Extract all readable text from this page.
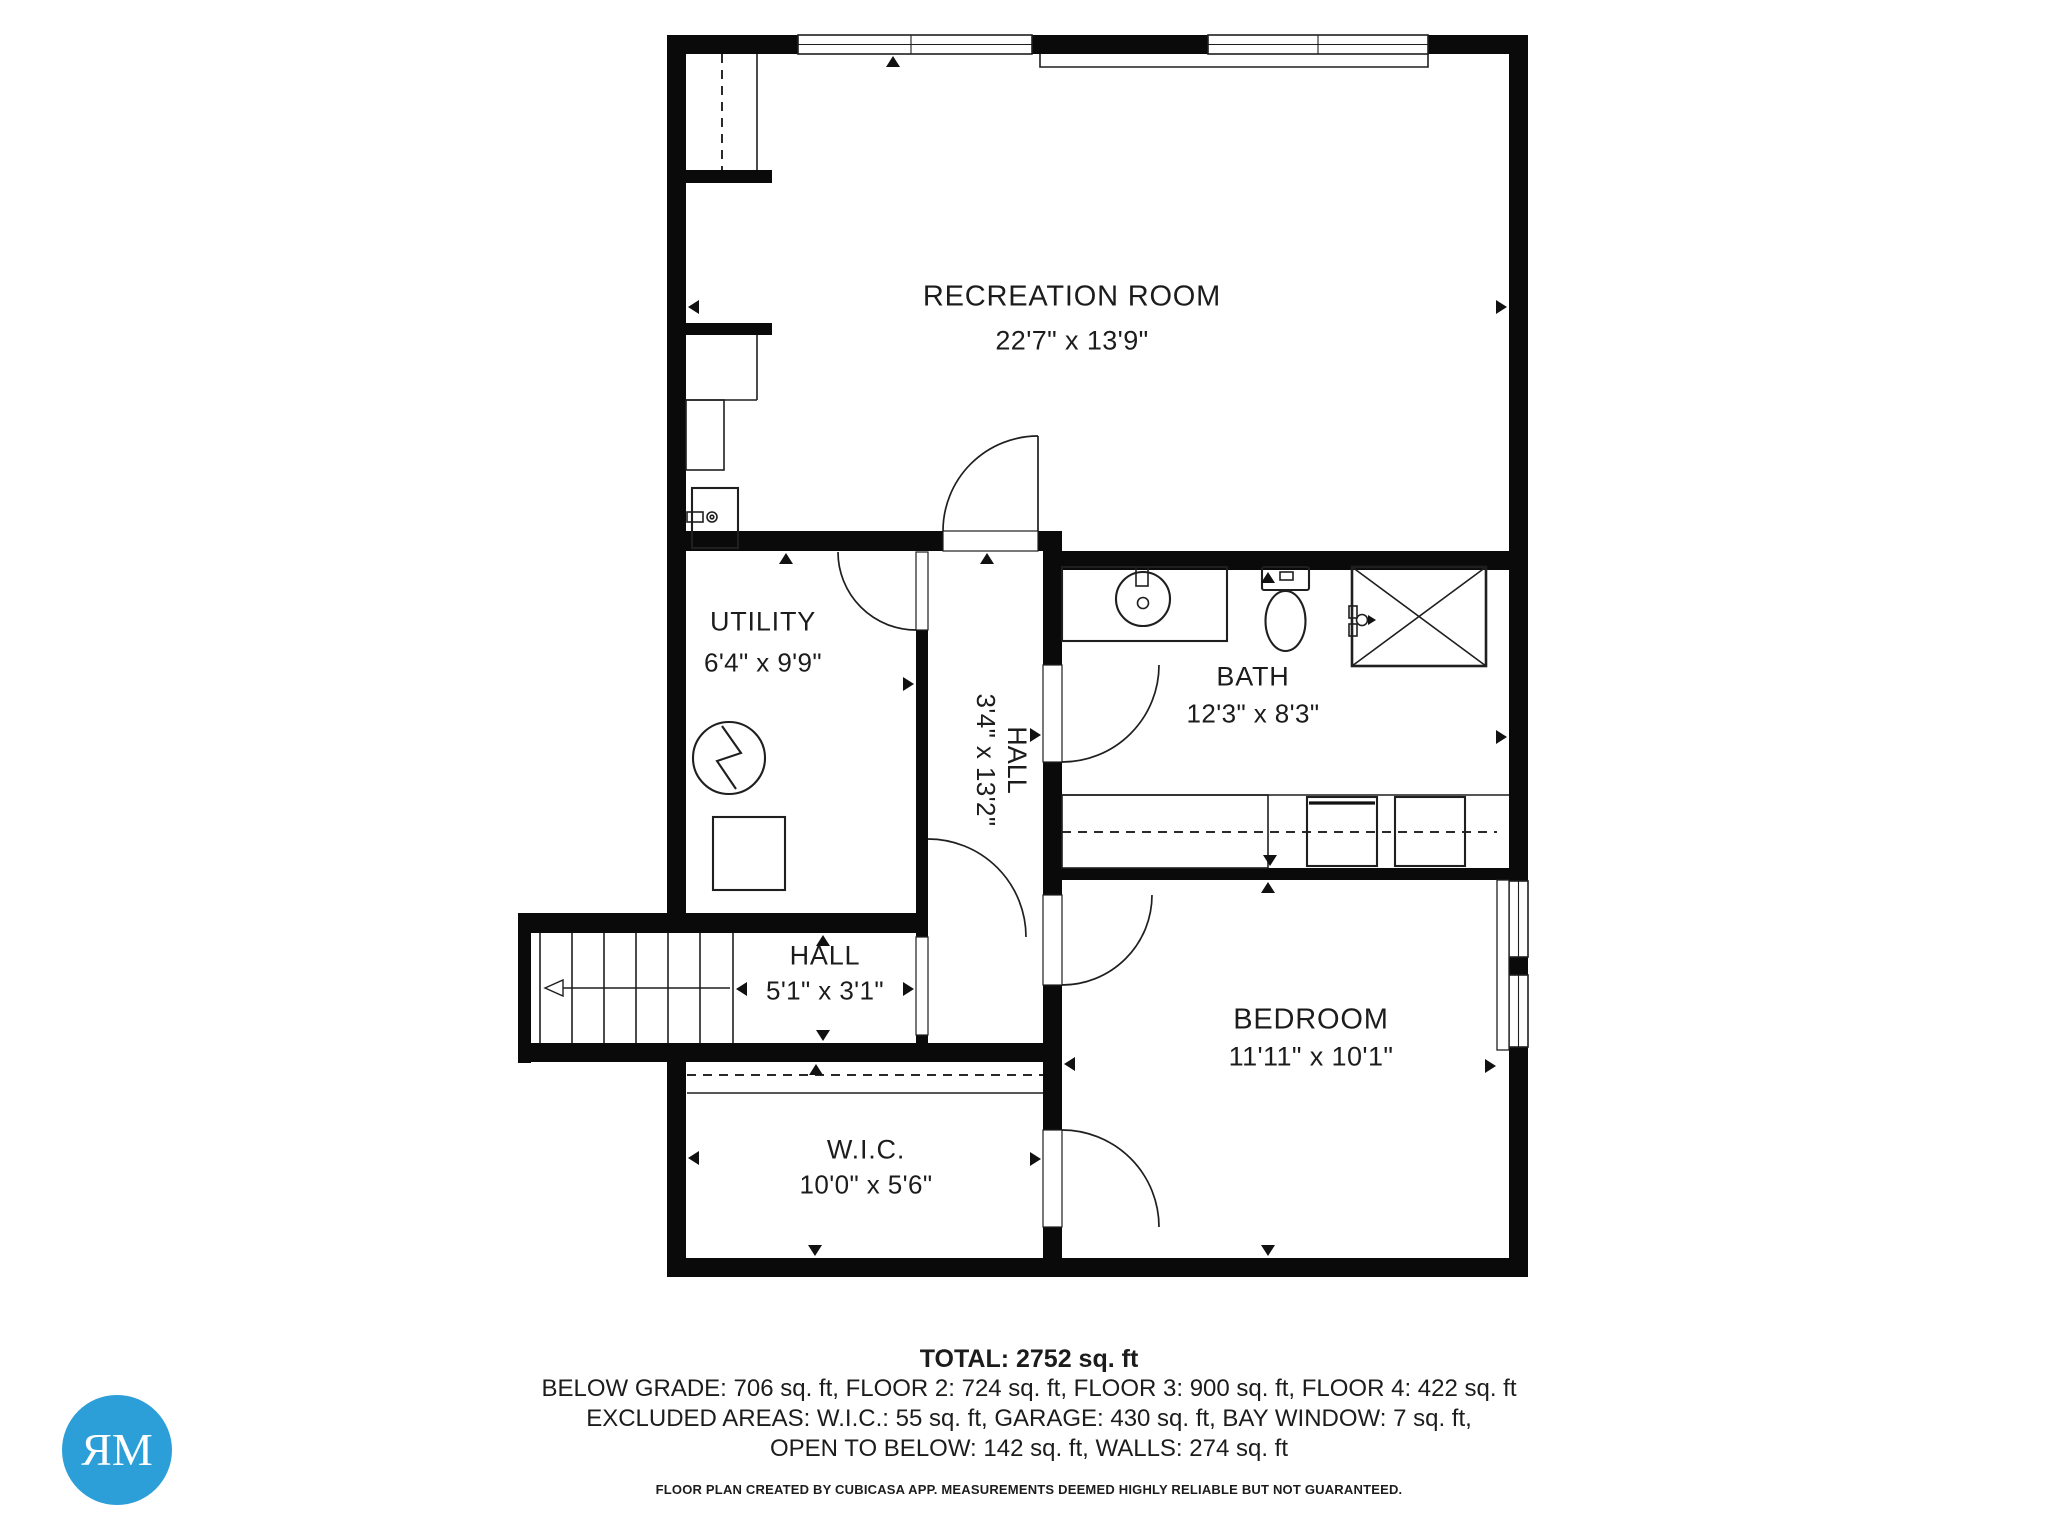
RECREATION ROOM
22'7" x 13'9"
UTILITY
6'4" x 9'9"
HALL
3'4" x 13'2"
BATH
12'3" x 8'3"
HALL
5'1" x 3'1"
BEDROOM
11'11" x 10'1"
W.I.C.
10'0" x 5'6"
TOTAL: 2752 sq. ft
BELOW GRADE: 706 sq. ft, FLOOR 2: 724 sq. ft, FLOOR 3: 900 sq. ft, FLOOR 4: 422 sq. ft
EXCLUDED AREAS: W.I.C.: 55 sq. ft, GARAGE: 430 sq. ft, BAY WINDOW: 7 sq. ft,
OPEN TO BELOW: 142 sq. ft, WALLS: 274 sq. ft
FLOOR PLAN CREATED BY CUBICASA APP. MEASUREMENTS DEEMED HIGHLY RELIABLE BUT NOT GUARANTEED.
ЯM
